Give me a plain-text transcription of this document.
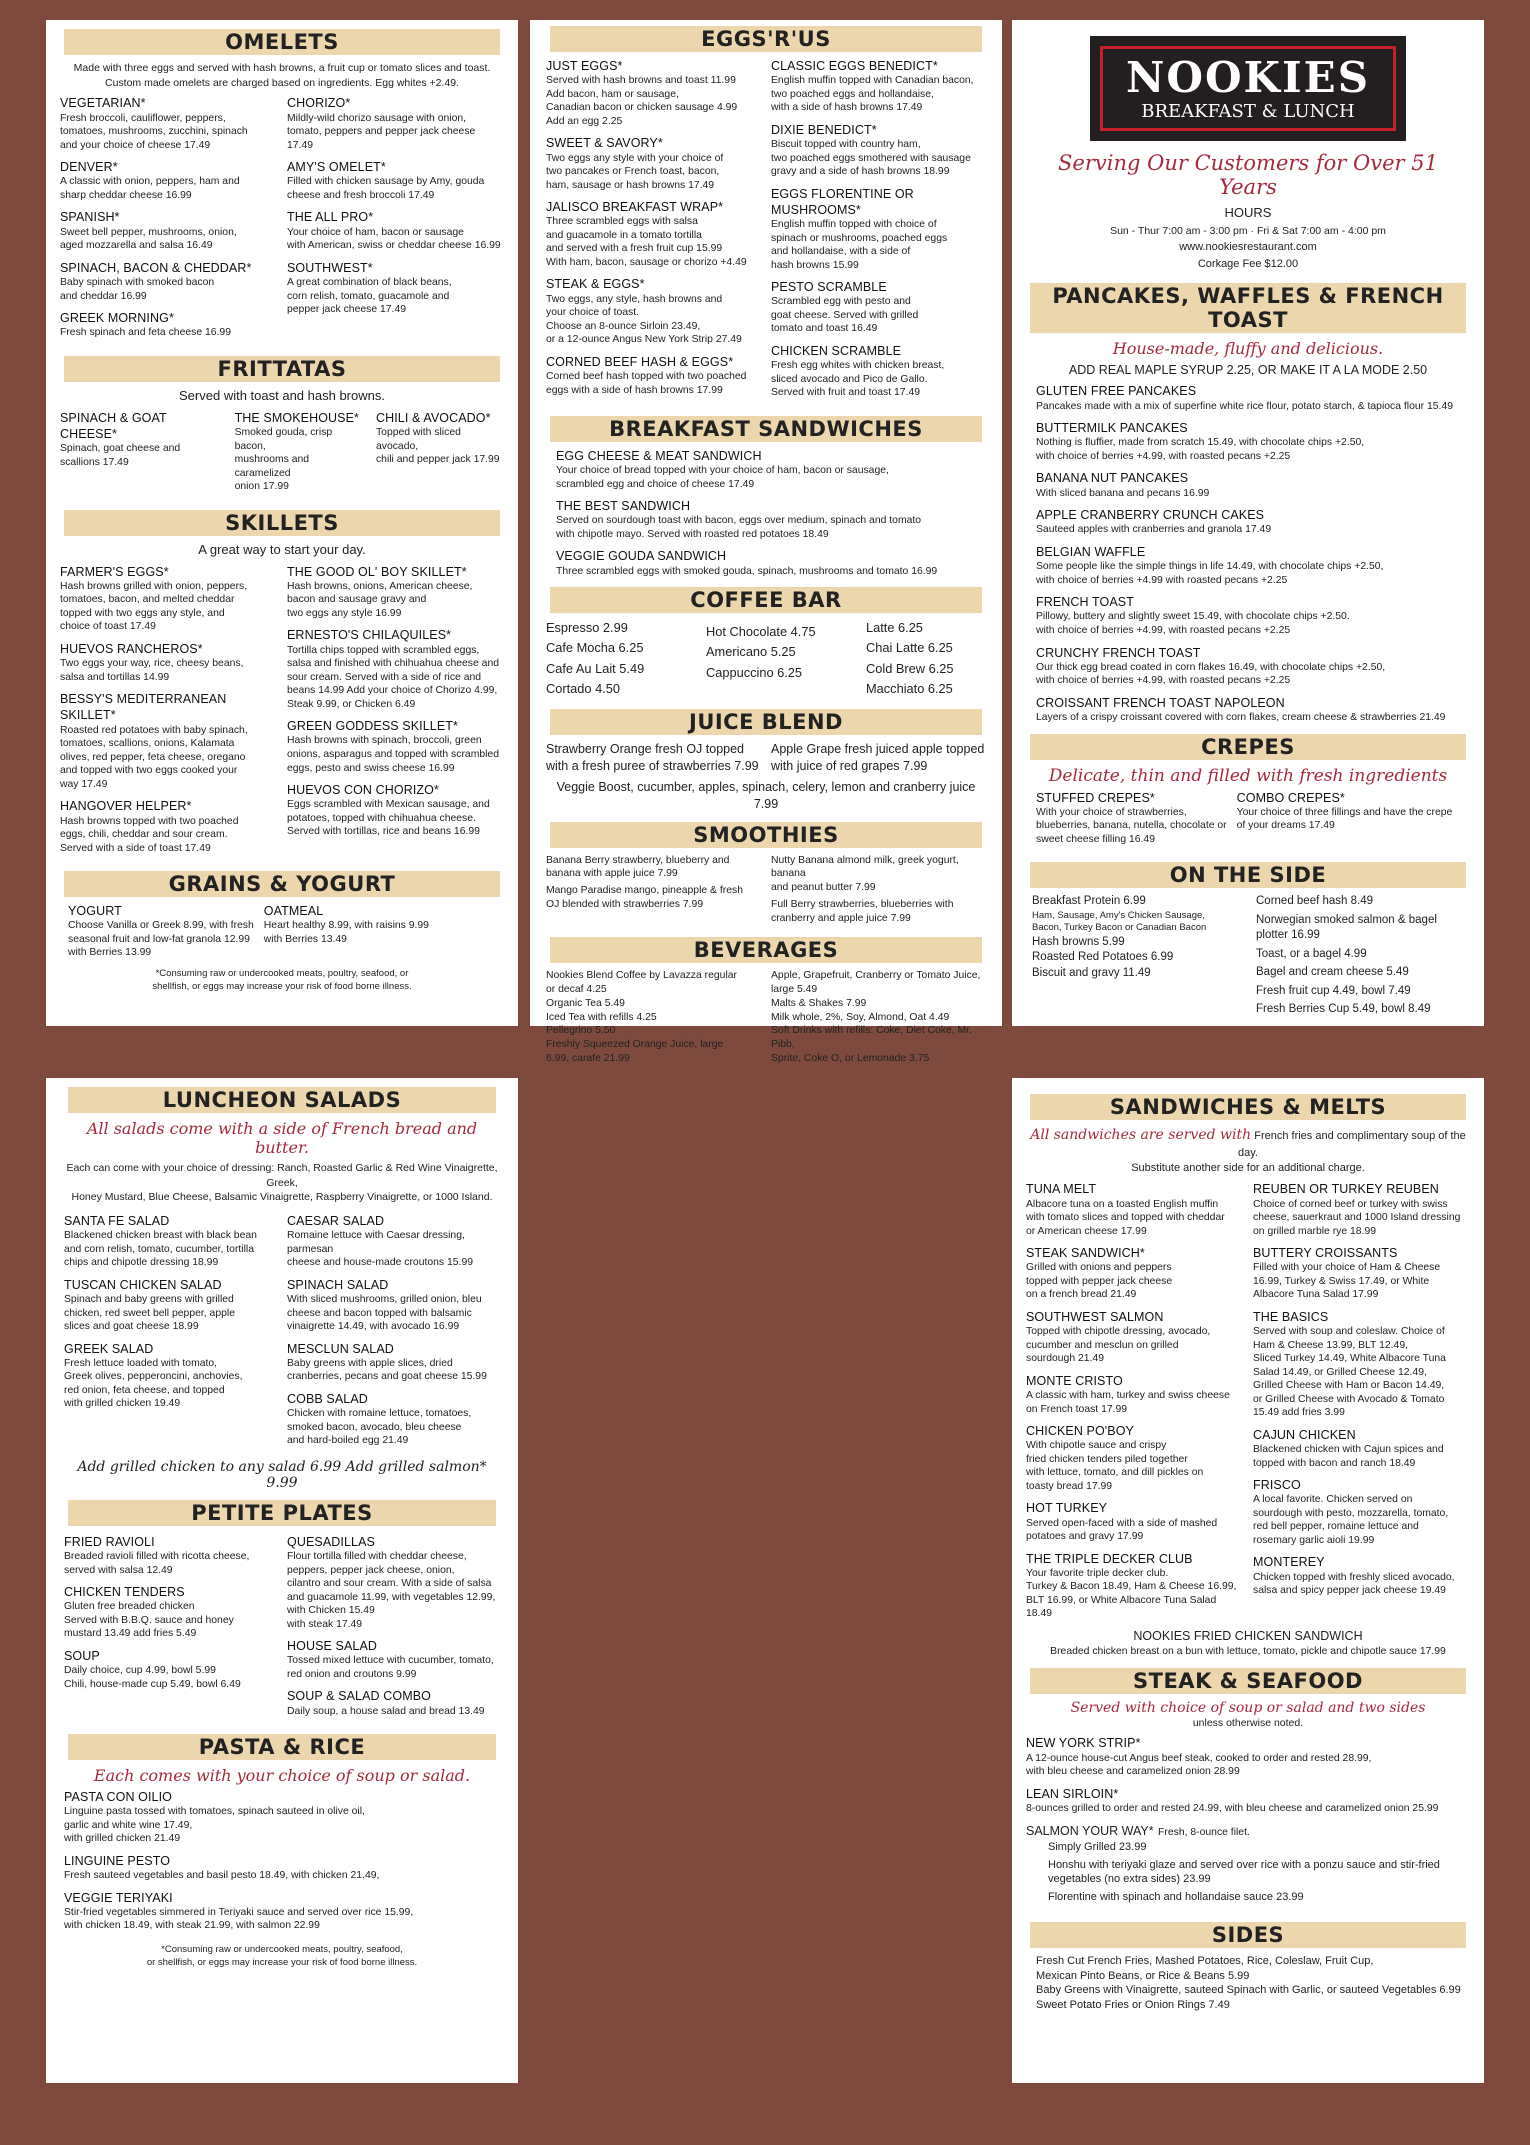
OMELETS
Made with three eggs and served with hash browns, a fruit cup or tomato slices and toast.
Custom made omelets are charged based on ingredients. Egg whites +2.49.
VEGETARIAN*
Fresh broccoli, cauliflower, peppers,
tomatoes, mushrooms, zucchini, spinach
and your choice of cheese 17.49
DENVER*
A classic with onion, peppers, ham and
sharp cheddar cheese 16.99
SPANISH*
Sweet bell pepper, mushrooms, onion,
aged mozzarella and salsa 16.49
SPINACH, BACON & CHEDDAR*
Baby spinach with smoked bacon
and cheddar 16.99
GREEK MORNING*
Fresh spinach and feta cheese 16.99
CHORIZO*
Mildly-wild chorizo sausage with onion,
tomato, peppers and pepper jack cheese 17.49
AMY'S OMELET*
Filled with chicken sausage by Amy, gouda
cheese and fresh broccoli 17.49
THE ALL PRO*
Your choice of ham, bacon or sausage
with American, swiss or cheddar cheese 16.99
SOUTHWEST*
A great combination of black beans,
corn relish, tomato, guacamole and
pepper jack cheese 17.49
FRITTATAS
Served with toast and hash browns.
SPINACH & GOAT CHEESE*
Spinach, goat cheese and
scallions 17.49
THE SMOKEHOUSE*
Smoked gouda, crisp bacon,
mushrooms and caramelized
onion 17.99
CHILI & AVOCADO*
Topped with sliced avocado,
chili and pepper jack 17.99
SKILLETS
A great way to start your day.
FARMER'S EGGS*
Hash browns grilled with onion, peppers,
tomatoes, bacon, and melted cheddar
topped with two eggs any style, and
choice of toast 17.49
HUEVOS RANCHEROS*
Two eggs your way, rice, cheesy beans,
salsa and tortillas 14.99
BESSY'S MEDITERRANEAN SKILLET*
Roasted red potatoes with baby spinach,
tomatoes, scallions, onions, Kalamata
olives, red pepper, feta cheese, oregano
and topped with two eggs cooked your
way 17.49
HANGOVER HELPER*
Hash browns topped with two poached
eggs, chili, cheddar and sour cream.
Served with a side of toast 17.49
THE GOOD OL' BOY SKILLET*
Hash browns, onions, American cheese,
bacon and sausage gravy and
two eggs any style 16.99
ERNESTO'S CHILAQUILES*
Tortilla chips topped with scrambled eggs,
salsa and finished with chihuahua cheese and
sour cream. Served with a side of rice and
beans 14.99 Add your choice of Chorizo 4.99,
Steak 9.99, or Chicken 6.49
GREEN GODDESS SKILLET*
Hash browns with spinach, broccoli, green
onions, asparagus and topped with scrambled
eggs, pesto and swiss cheese 16.99
HUEVOS CON CHORIZO*
Eggs scrambled with Mexican sausage, and
potatoes, topped with chihuahua cheese.
Served with tortillas, rice and beans 16.99
GRAINS & YOGURT
YOGURT
Choose Vanilla or Greek 8.99, with fresh
seasonal fruit and low-fat granola 12.99
with Berries 13.99
OATMEAL
Heart healthy 8.99, with raisins 9.99
with Berries 13.49
*Consuming raw or undercooked meats, poultry, seafood, or
shellfish, or eggs may increase your risk of food borne illness.
EGGS'R'US
JUST EGGS*
Served with hash browns and toast 11.99
Add bacon, ham or sausage,
Canadian bacon or chicken sausage 4.99
Add an egg 2.25
SWEET & SAVORY*
Two eggs any style with your choice of
two pancakes or French toast, bacon,
ham, sausage or hash browns 17.49
JALISCO BREAKFAST WRAP*
Three scrambled eggs with salsa
and guacamole in a tomato tortilla
and served with a fresh fruit cup 15.99
With ham, bacon, sausage or chorizo +4.49
STEAK & EGGS*
Two eggs, any style, hash browns and
your choice of toast.
Choose an 8-ounce Sirloin 23.49,
or a 12-ounce Angus New York Strip 27.49
CORNED BEEF HASH & EGGS*
Corned beef hash topped with two poached
eggs with a side of hash browns 17.99
CLASSIC EGGS BENEDICT*
English muffin topped with Canadian bacon,
two poached eggs and hollandaise,
with a side of hash browns 17.49
DIXIE BENEDICT*
Biscuit topped with country ham,
two poached eggs smothered with sausage
gravy and a side of hash browns 18.99
EGGS FLORENTINE OR MUSHROOMS*
English muffin topped with choice of
spinach or mushrooms, poached eggs
and hollandaise, with a side of
hash browns 15.99
PESTO SCRAMBLE
Scrambled egg with pesto and
goat cheese. Served with grilled
tomato and toast 16.49
CHICKEN SCRAMBLE
Fresh egg whites with chicken breast,
sliced avocado and Pico de Gallo.
Served with fruit and toast 17.49
BREAKFAST SANDWICHES
EGG CHEESE & MEAT SANDWICH
Your choice of bread topped with your choice of ham, bacon or sausage,
scrambled egg and choice of cheese 17.49
THE BEST SANDWICH
Served on sourdough toast with bacon, eggs over medium, spinach and tomato
with chipotle mayo. Served with roasted red potatoes 18.49
VEGGIE GOUDA SANDWICH
Three scrambled eggs with smoked gouda, spinach, mushrooms and tomato 16.99
COFFEE BAR
Espresso 2.99
Cafe Mocha 6.25
Cafe Au Lait 5.49
Cortado 4.50
Hot Chocolate 4.75
Americano 5.25
Cappuccino 6.25
Latte 6.25
Chai Latte 6.25
Cold Brew 6.25
Macchiato 6.25
JUICE BLEND
Strawberry Orange fresh OJ topped
with a fresh puree of strawberries 7.99
Apple Grape fresh juiced apple topped
with juice of red grapes 7.99
Veggie Boost, cucumber, apples, spinach, celery, lemon and cranberry juice 7.99
SMOOTHIES
Banana Berry strawberry, blueberry and
banana with apple juice 7.99
Mango Paradise mango, pineapple & fresh
OJ blended with strawberries 7.99
Nutty Banana almond milk, greek yogurt, banana
and peanut butter 7.99
Full Berry strawberries, blueberries with
cranberry and apple juice 7.99
BEVERAGES
Nookies Blend Coffee by Lavazza regular
or decaf 4.25
Organic Tea 5.49
Iced Tea with refills 4.25
Pellegrino 5.50
Freshly Squeezed Orange Juice, large
6.99, carafe 21.99
Apple, Grapefruit, Cranberry or Tomato Juice,
large 5.49
Malts & Shakes 7.99
Milk whole, 2%, Soy, Almond, Oat 4.49
Soft Drinks with refills: Coke, Diet Coke, Mr. Pibb,
Sprite, Coke O, or Lemonade 3.75
NOOKIES
BREAKFAST & LUNCH
Serving Our Customers for Over 51 Years
HOURS
Sun - Thur 7:00 am - 3:00 pm · Fri & Sat 7:00 am - 4:00 pm
www.nookiesrestaurant.com
Corkage Fee $12.00
PANCAKES, WAFFLES & FRENCH TOAST
House-made, fluffy and delicious.
ADD REAL MAPLE SYRUP 2.25, OR MAKE IT A LA MODE 2.50
GLUTEN FREE PANCAKES
Pancakes made with a mix of superfine white rice flour, potato starch, & tapioca flour 15.49
BUTTERMILK PANCAKES
Nothing is fluffier, made from scratch 15.49, with chocolate chips +2.50,
with choice of berries +4.99, with roasted pecans +2.25
BANANA NUT PANCAKES
With sliced banana and pecans 16.99
APPLE CRANBERRY CRUNCH CAKES
Sauteed apples with cranberries and granola 17.49
BELGIAN WAFFLE
Some people like the simple things in life 14.49, with chocolate chips +2.50,
with choice of berries +4.99 with roasted pecans +2.25
FRENCH TOAST
Pillowy, buttery and slightly sweet 15.49, with chocolate chips +2.50.
with choice of berries +4.99, with roasted pecans +2.25
CRUNCHY FRENCH TOAST
Our thick egg bread coated in corn flakes 16.49, with chocolate chips +2.50,
with choice of berries +4.99, with roasted pecans +2.25
CROISSANT FRENCH TOAST NAPOLEON
Layers of a crispy croissant covered with corn flakes, cream cheese & strawberries 21.49
CREPES
Delicate, thin and filled with fresh ingredients
STUFFED CREPES*
With your choice of strawberries,
blueberries, banana, nutella, chocolate or
sweet cheese filling 16.49
COMBO CREPES*
Your choice of three fillings and have the crepe
of your dreams 17.49
ON THE SIDE
Breakfast Protein 6.99
Ham, Sausage, Amy's Chicken Sausage,
Bacon, Turkey Bacon or Canadian Bacon
Hash browns 5.99
Roasted Red Potatoes 6.99
Biscuit and gravy 11.49
Corned beef hash 8.49
Norwegian smoked salmon & bagel plotter 16.99
Toast, or a bagel 4.99
Bagel and cream cheese 5.49
Fresh fruit cup 4.49, bowl 7.49
Fresh Berries Cup 5.49, bowl 8.49
LUNCHEON SALADS
All salads come with a side of French bread and butter.
Each can come with your choice of dressing: Ranch, Roasted Garlic & Red Wine Vinaigrette, Greek,
Honey Mustard, Blue Cheese, Balsamic Vinaigrette, Raspberry Vinaigrette, or 1000 Island.
SANTA FE SALAD
Blackened chicken breast with black bean
and corn relish, tomato, cucumber, tortilla
chips and chipotle dressing 18.99
TUSCAN CHICKEN SALAD
Spinach and baby greens with grilled
chicken, red sweet bell pepper, apple
slices and goat cheese 18.99
GREEK SALAD
Fresh lettuce loaded with tomato,
Greek olives, pepperoncini, anchovies,
red onion, feta cheese, and topped
with grilled chicken 19.49
CAESAR SALAD
Romaine lettuce with Caesar dressing, parmesan
cheese and house-made croutons 15.99
SPINACH SALAD
With sliced mushrooms, grilled onion, bleu
cheese and bacon topped with balsamic
vinaigrette 14.49, with avocado 16.99
MESCLUN SALAD
Baby greens with apple slices, dried
cranberries, pecans and goat cheese 15.99
COBB SALAD
Chicken with romaine lettuce, tomatoes,
smoked bacon, avocado, bleu cheese
and hard-boiled egg 21.49
Add grilled chicken to any salad 6.99 Add grilled salmon* 9.99
PETITE PLATES
FRIED RAVIOLI
Breaded ravioli filled with ricotta cheese,
served with salsa 12.49
CHICKEN TENDERS
Gluten free breaded chicken
Served with B.B.Q. sauce and honey
mustard 13.49 add fries 5.49
SOUP
Daily choice, cup 4.99, bowl 5.99
Chili, house-made cup 5.49, bowl 6.49
QUESADILLAS
Flour tortilla filled with cheddar cheese,
peppers, pepper jack cheese, onion,
cilantro and sour cream. With a side of salsa
and guacamole 11.99, with vegetables 12.99,
with Chicken 15.49
with steak 17.49
HOUSE SALAD
Tossed mixed lettuce with cucumber, tomato,
red onion and croutons 9.99
SOUP & SALAD COMBO
Daily soup, a house salad and bread 13.49
PASTA & RICE
Each comes with your choice of soup or salad.
PASTA CON OILIO
Linguine pasta tossed with tomatoes, spinach sauteed in olive oil,
garlic and white wine 17.49,
with grilled chicken 21.49
LINGUINE PESTO
Fresh sauteed vegetables and basil pesto 18.49, with chicken 21.49,
VEGGIE TERIYAKI
Stir-fried vegetables simmered in Teriyaki sauce and served over rice 15.99,
with chicken 18.49, with steak 21.99, with salmon 22.99
*Consuming raw or undercooked meats, poultry, seafood,
or shellfish, or eggs may increase your risk of food borne illness.
SANDWICHES & MELTS
All sandwiches are served with French fries and complimentary soup of the day.
Substitute another side for an additional charge.
TUNA MELT
Albacore tuna on a toasted English muffin
with tomato slices and topped with cheddar
or American cheese 17.99
STEAK SANDWICH*
Grilled with onions and peppers
topped with pepper jack cheese
on a french bread 21.49
SOUTHWEST SALMON
Topped with chipotle dressing, avocado,
cucumber and mesclun on grilled
sourdough 21.49
MONTE CRISTO
A classic with ham, turkey and swiss cheese
on French toast 17.99
CHICKEN PO'BOY
With chipotle sauce and crispy
fried chicken tenders piled together
with lettuce, tomato, and dill pickles on
toasty bread 17.99
HOT TURKEY
Served open-faced with a side of mashed
potatoes and gravy 17.99
THE TRIPLE DECKER CLUB
Your favorite triple decker club.
Turkey & Bacon 18.49, Ham & Cheese 16.99,
BLT 16.99, or White Albacore Tuna Salad 18.49
REUBEN OR TURKEY REUBEN
Choice of corned beef or turkey with swiss
cheese, sauerkraut and 1000 Island dressing
on grilled marble rye 18.99
BUTTERY CROISSANTS
Filled with your choice of Ham & Cheese
16.99, Turkey & Swiss 17.49, or White
Albacore Tuna Salad 17.99
THE BASICS
Served with soup and coleslaw. Choice of
Ham & Cheese 13.99, BLT 12.49,
Sliced Turkey 14.49, White Albacore Tuna
Salad 14.49, or Grilled Cheese 12.49,
Grilled Cheese with Ham or Bacon 14.49,
or Grilled Cheese with Avocado & Tomato
15.49 add fries 3.99
CAJUN CHICKEN
Blackened chicken with Cajun spices and
topped with bacon and ranch 18.49
FRISCO
A local favorite. Chicken served on
sourdough with pesto, mozzarella, tomato,
red bell pepper, romaine lettuce and
rosemary garlic aioli 19.99
MONTEREY
Chicken topped with freshly sliced avocado,
salsa and spicy pepper jack cheese 19.49
NOOKIES FRIED CHICKEN SANDWICH
Breaded chicken breast on a bun with lettuce, tomato, pickle and chipotle sauce 17.99
STEAK & SEAFOOD
Served with choice of soup or salad and two sides
unless otherwise noted.
NEW YORK STRIP*
A 12-ounce house-cut Angus beef steak, cooked to order and rested 28.99,
with bleu cheese and caramelized onion 28.99
LEAN SIRLOIN*
8-ounces grilled to order and rested 24.99, with bleu cheese and caramelized onion 25.99
SALMON YOUR WAY* Fresh, 8-ounce filet.
Simply Grilled 23.99
Honshu with teriyaki glaze and served over rice with a ponzu sauce and stir-fried
vegetables (no extra sides) 23.99
Florentine with spinach and hollandaise sauce 23.99
SIDES
Fresh Cut French Fries, Mashed Potatoes, Rice, Coleslaw, Fruit Cup,
Mexican Pinto Beans, or Rice & Beans 5.99
Baby Greens with Vinaigrette, sauteed Spinach with Garlic, or sauteed Vegetables 6.99
Sweet Potato Fries or Onion Rings 7.49
